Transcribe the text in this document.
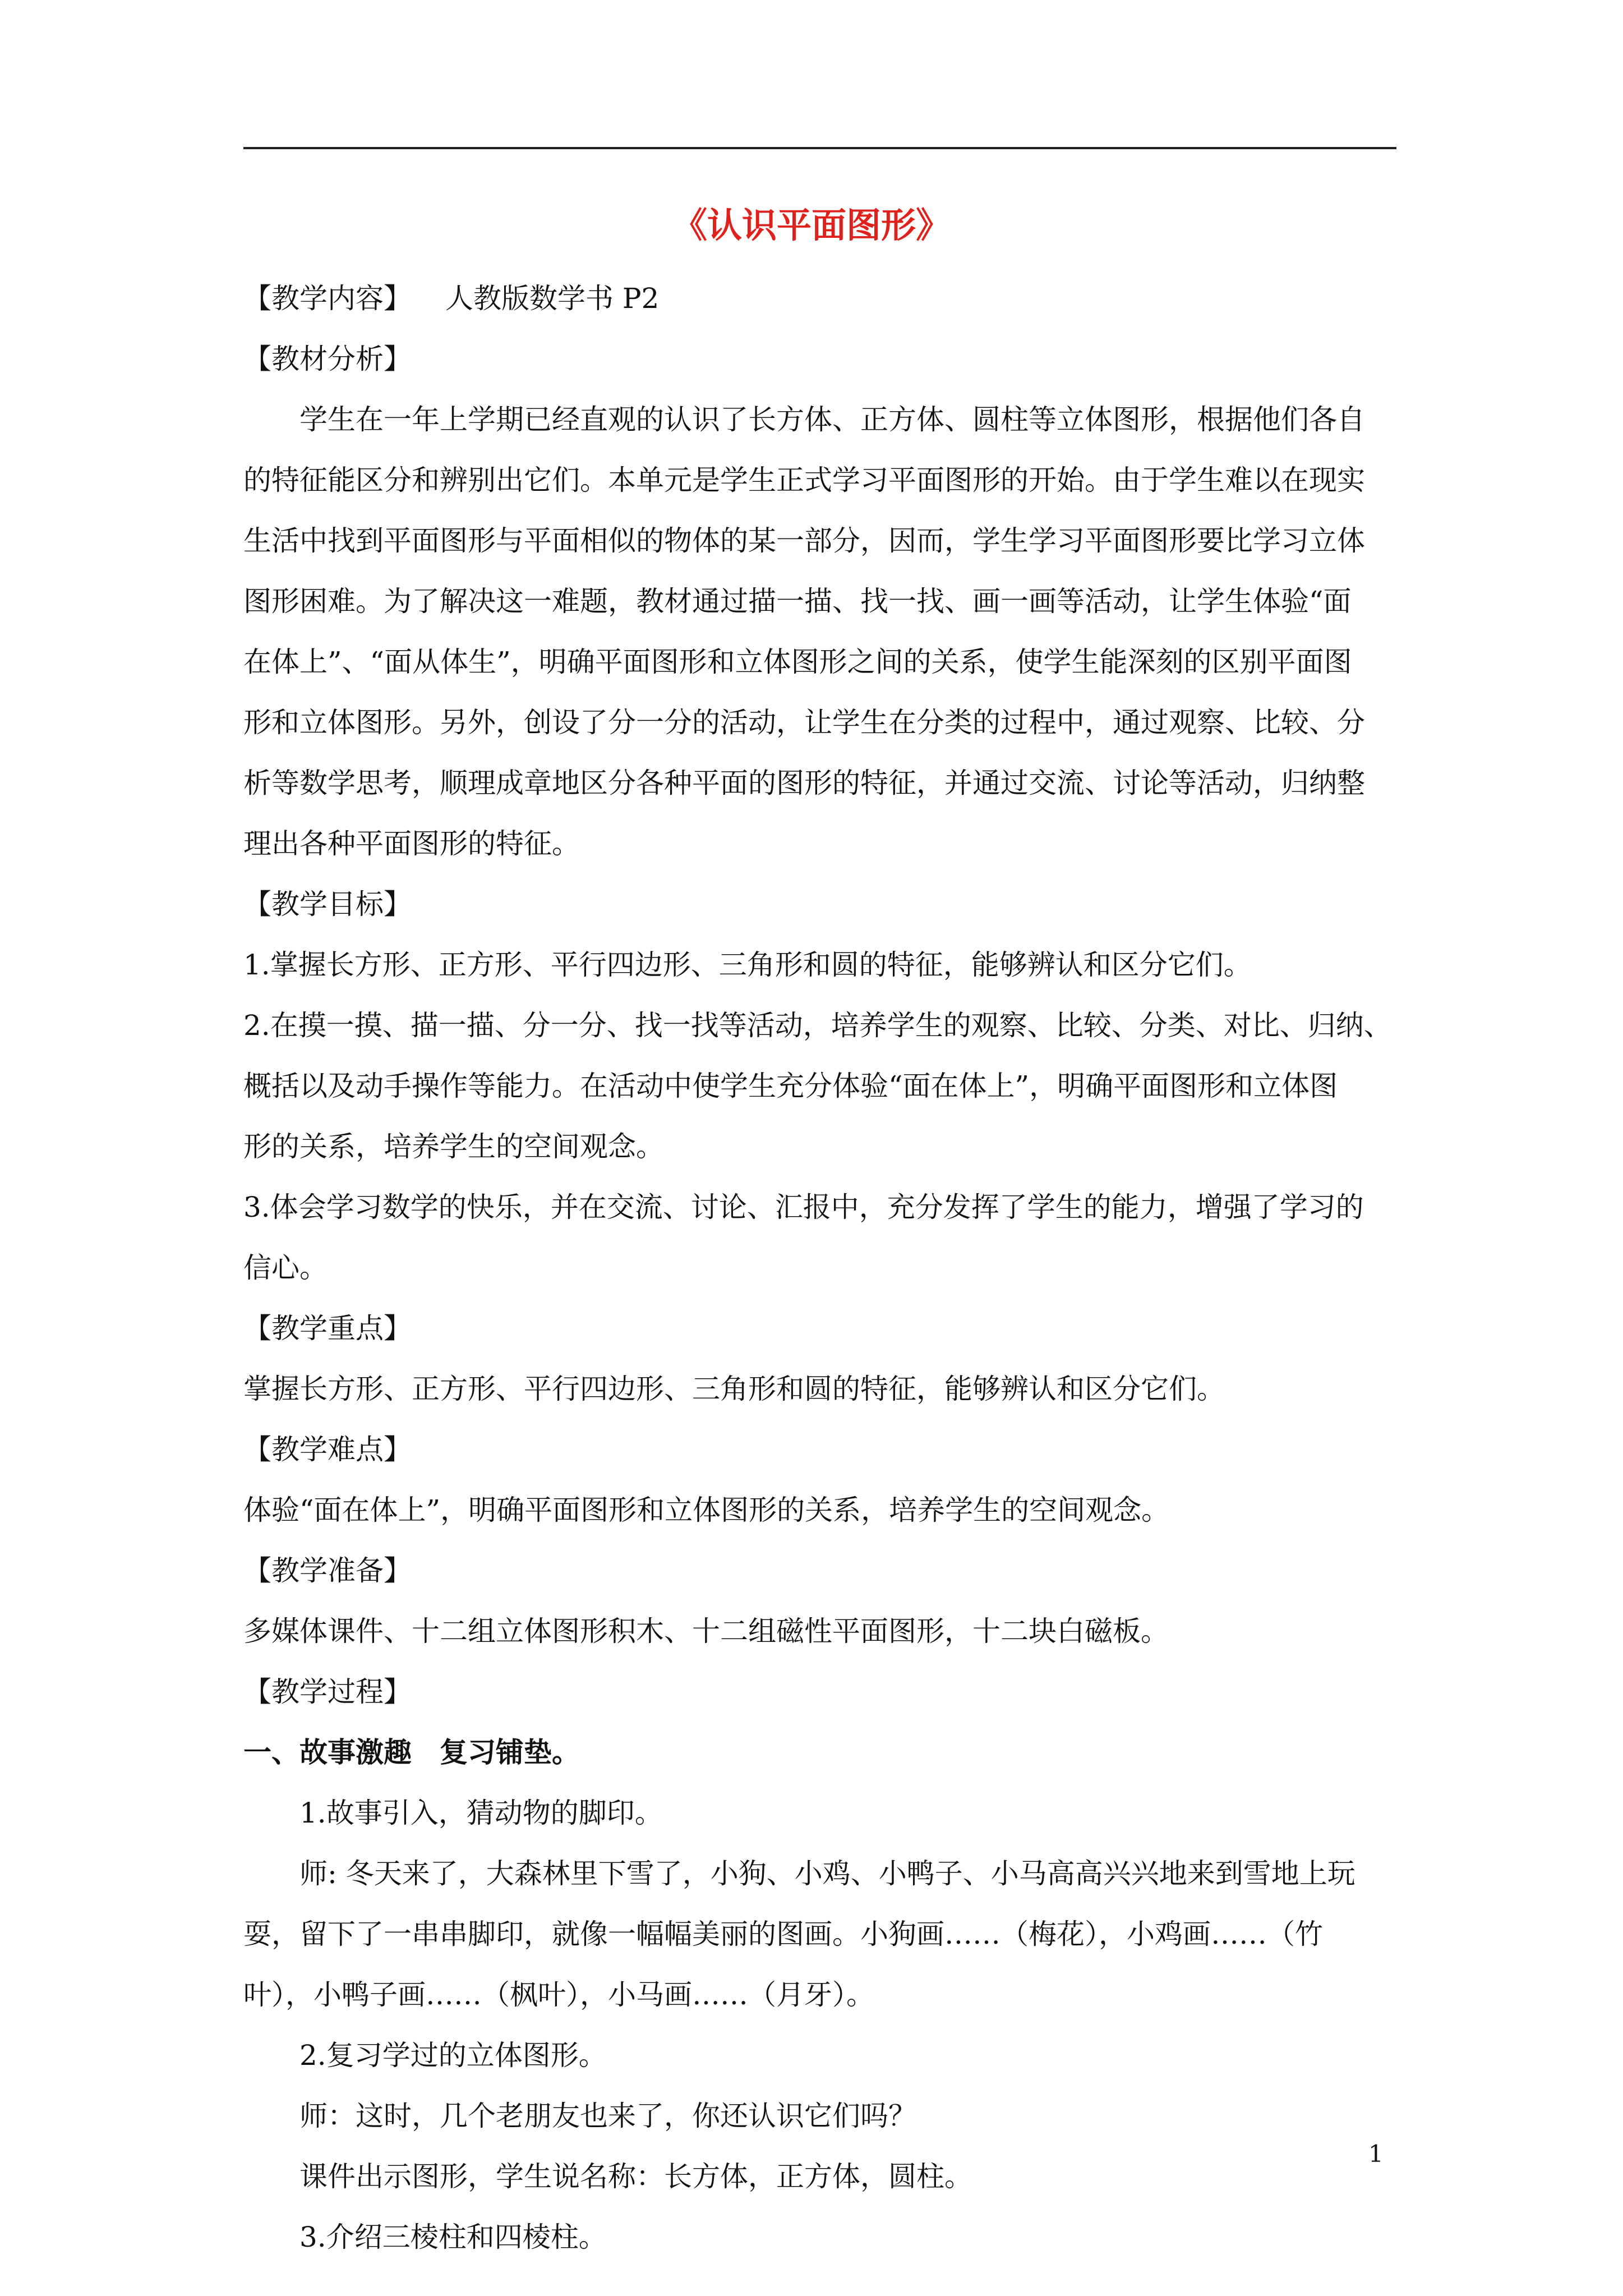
《认识平面图形》
【教学内容】 人教版数学书 P2
【教材分析】
学生在一年上学期已经直观的认识了长方体、正方体、圆柱等立体图形，根据他们各自
的特征能区分和辨别出它们。本单元是学生正式学习平面图形的开始。由于学生难以在现实
生活中找到平面图形与平面相似的物体的某一部分，因而，学生学习平面图形要比学习立体
图形困难。为了解决这一难题，教材通过描一描、找一找、画一画等活动，让学生体验“面
在体上”、“面从体生”，明确平面图形和立体图形之间的关系，使学生能深刻的区别平面图
形和立体图形。另外，创设了分一分的活动，让学生在分类的过程中，通过观察、比较、分
析等数学思考，顺理成章地区分各种平面的图形的特征，并通过交流、讨论等活动，归纳整
理出各种平面图形的特征。
【教学目标】
1.掌握长方形、正方形、平行四边形、三角形和圆的特征，能够辨认和区分它们。
2.在摸一摸、描一描、分一分、找一找等活动，培养学生的观察、比较、分类、对比、归纳、
概括以及动手操作等能力。在活动中使学生充分体验“面在体上”，明确平面图形和立体图
形的关系，培养学生的空间观念。
3.体会学习数学的快乐，并在交流、讨论、汇报中，充分发挥了学生的能力，增强了学习的
信心。
【教学重点】
掌握长方形、正方形、平行四边形、三角形和圆的特征，能够辨认和区分它们。
【教学难点】
体验“面在体上”，明确平面图形和立体图形的关系，培养学生的空间观念。
【教学准备】
多媒体课件、十二组立体图形积木、十二组磁性平面图形，十二块白磁板。
【教学过程】
一、故事激趣　复习铺垫。
1.故事引入，猜动物的脚印。
师: 冬天来了，大森林里下雪了，小狗、小鸡、小鸭子、小马高高兴兴地来到雪地上玩
耍，留下了一串串脚印，就像一幅幅美丽的图画。小狗画……（梅花），小鸡画……（竹
叶），小鸭子画……（枫叶），小马画……（月牙）。
2.复习学过的立体图形。
师：这时，几个老朋友也来了，你还认识它们吗？
课件出示图形，学生说名称：长方体，正方体，圆柱。
3.介绍三棱柱和四棱柱。
1
